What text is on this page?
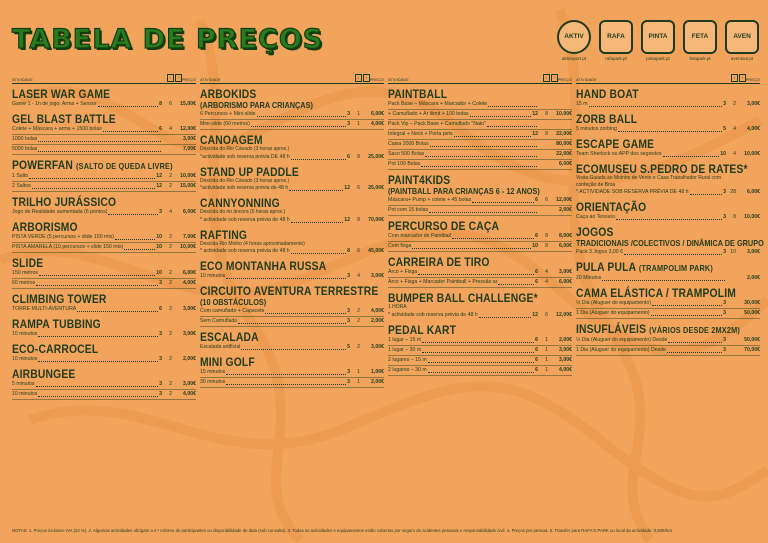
TABELA DE PREÇOS	AKTIV
aktivsport.pt
RAFA
rafapark.pt
PINTA
pintapark.pt
FETA
fetapark.pt
AVEN
aventour.pt
ATIVIDADE	i	i PREÇO
LASER WAR GAME
Game 1 - 1h de jogo: Arma + Sensor	8	6	15,00€
GEL BLAST BATTLE
Colete + Máscara + arma + 1500 bolas	6	4	12,00€
1000 bolas	3,00€
5000 bolas	7,00€
POWERFAN (SALTO DE QUEDA LIVRE)
1 Salto	12	2	10,00€
2 Saltos	12	2	15,00€
TRILHO JURÁSSICO
Jogo de Realidade aumentada (6 pontos)	3	4	6,00€
ARBORISMO
PISTA VERDE (5 percursos + slide 150 mts)	10	2	7,00€
PISTA AMARELA (10 percursos + slide 150 mts)	10	2	10,00€
SLIDE
150 metros	10	2	6,00€
60 metros	3	2	4,00€
CLIMBING TOWER
TORRE MULTI-AVENTURA	6	2	3,00€
RAMPA TUBBING
10 minutos	3	2	3,00€
ECO-CARROCEL
10 minutos	3	2	2,00€
AIRBUNGEE
5 minutos	3	2	3,00€
10 minutos	3	2	4,00€
ATIVIDADE	i	i PREÇO
ARBOKIDS
(ARBORISMO PARA CRIANÇAS)
6 Percursos + Mini-slide	3	1	6,00€
Mini-slide (60 metros)	3	1	4,00€
CANOAGEM
Descida do Rio Cávado (3 horas aprox.)
*actividade sob reserva prévia DE 48 h	6	8	25,00€
STAND UP PADDLE
Descida do Rio Cávado (3 horas aprox.)
*actividade sob reserva prévia de 48 h	12	6	25,00€
CANNYONNING
Descida do rio âncora (6 horas aprox.)
* actividade sob reserva prévia de 48 h	12	8	70,00€
RAFTING
Descida Rio Minho (4 horas aproximadamente)
* actividade sob reserva prévia de 48 h	8	6	45,00€
ECO MONTANHA RUSSA
10 minutos	3	4	3,00€
CIRCUITO AVENTURA TERRESTRE
(10 OBSTÁCULOS)
Com camuflado + Capacete	3	2	4,00€
Sem Camuflado	3	2	2,00€
ESCALADA
Escalada artificial	5	2	3,00€
MINI GOLF
15 minutos	3	1	1,00€
30 minutos	3	1	2,00€
ATIVIDADE	i	i PREÇO
PAINTBALL
Pack Base – Máscara + Marcador + Colete
+ Camuflado + Ar ilimit + 100 bolas	12	8	10,00€
Pack Vip – Pack Base + Camuflado "Nato"
Integral + Neck + Porta pets	12	8	22,00€
Caixa 2000 Bolas	80,00€
Saco 500 Bolas	22,00€
Pot 100 Bolas	6,00€
PAINT4KIDS
(PAINTBALL PARA CRIANÇAS 6 - 12 ANOS)
Máscara+ Pump + colete + 45 bolas	6	6	12,00€
Pot com 15 bolas	2,00€
PERCURSO DE CAÇA
Com marcador de Paintball	6	8	8,00€
Com fisga	10	8	6,00€
CARREIRA DE TIRO
Arco + Fisga	6	4	3,00€
Arco + Fisga + Marcador Paintball + Pressão ar	6	4	6,00€
BUMPER BALL CHALLENGE*
1 HORA
* actividade sob reserva prévia de 48 h	12	6	12,00€
PEDAL KART
1 lugar – 15 m	6	1	2,00€
1 lugar – 30 m	6	1	3,00€
2 lugares – 15 m	6	1	3,00€
2 lugares – 30 m	6	1	4,00€
ATIVIDADE	i	i PREÇO
HAND BOAT
15 m	3	2	3,00€
ZORB BALL
5 minutos zorbing	5	4	4,00€
ESCAPE GAME
Team Sherlock ou APP dos segredos	10	4	10,00€
ECOMUSEU S.PEDRO DE RATES*
Visita Guiada ao Moinho de Vento e Casa Trabalhador Rural com
confeção de Broa
* ACTIVIDADE SOB RESERVA PRÉVIA DE 48 h	3 28	6,00€
ORIENTAÇÃO
Caça ao Tesouro	3	8	10,00€
JOGOS
TRADICIONAIS /COLECTIVOS / DINÂMICA DE GRUPO
Pack 3 Jogos 3,00 €	3 10	3,00€
PULA PULA (TRAMPOLIM PARK)
20 Minutos	2,00€
CAMA ELÁSTICA / TRAMPOLIM
½ Dia (Aluguer do equipamento)	3	30,00€
1 Dia (Aluguer do equipamento)	3	50,00€
INSUFLÁVEIS (VÁRIOS DESDE 2MX2M)
½ Dia (Aluguer do equipamento) Desde	3	50,00€
1 Dia (Aluguer do equipamento) Desde	3	70,00€
NOTAS: 1. Preços inclusive IVA (23 %). 2. Algumas actividades obrigam a n.º mínimo de participantes ou disponibilidade de data (sob consulta). 3. Todas as actividades e equipamentos estão cobertos por seguro de acidentes pessoais e responsabilidade civil. 4. Preços por pessoa. 5. Transfer para RAFA'S PARK ou local da actividade: 0,50€/Km
